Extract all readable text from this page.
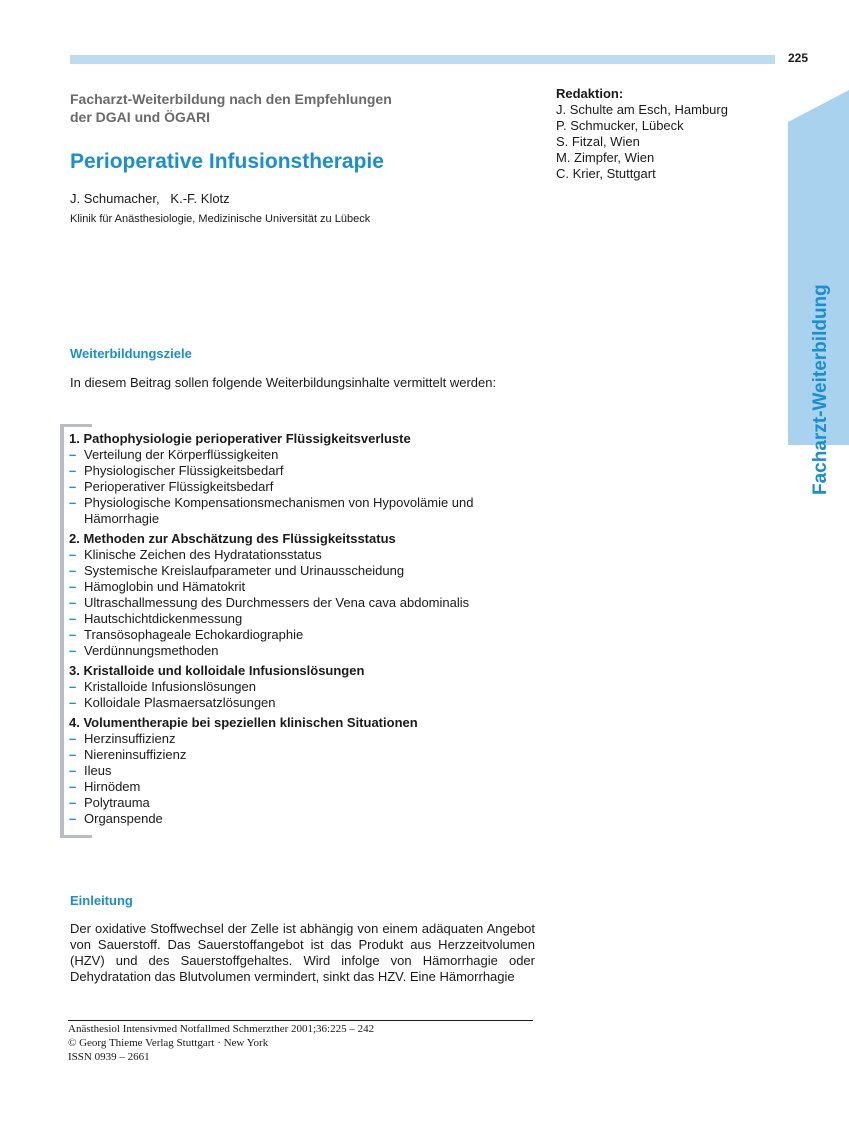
225
Facharzt-Weiterbildung nach den Empfehlungen
der DGAI und ÖGARI
Perioperative Infusionstherapie
J. Schumacher,   K.-F. Klotz
Klinik für Anästhesiologie, Medizinische Universität zu Lübeck
Redaktion:
J. Schulte am Esch, Hamburg
P. Schmucker, Lübeck
S. Fitzal, Wien
M. Zimpfer, Wien
C. Krier, Stuttgart
Facharzt-Weiterbildung
Weiterbildungsziele
In diesem Beitrag sollen folgende Weiterbildungsinhalte vermittelt werden:
1. Pathophysiologie perioperativer Flüssigkeitsverluste
– Verteilung der Körperflüssigkeiten
– Physiologischer Flüssigkeitsbedarf
– Perioperativer Flüssigkeitsbedarf
– Physiologische Kompensationsmechanismen von Hypovolämie und Hämorrhagie
2. Methoden zur Abschätzung des Flüssigkeitsstatus
– Klinische Zeichen des Hydratationsstatus
– Systemische Kreislaufparameter und Urinausscheidung
– Hämoglobin und Hämatokrit
– Ultraschallmessung des Durchmessers der Vena cava abdominalis
– Hautschichtdickenmessung
– Transösophageale Echokardiographie
– Verdünnungsmethoden
3. Kristalloide und kolloidale Infusionslösungen
– Kristalloide Infusionslösungen
– Kolloidale Plasmaersatzlösungen
4. Volumentherapie bei speziellen klinischen Situationen
– Herzinsuffizienz
– Niereninsuffizienz
– Ileus
– Hirnödem
– Polytrauma
– Organspende
Einleitung
Der oxidative Stoffwechsel der Zelle ist abhängig von einem adäquaten Angebot von Sauerstoff. Das Sauerstoffangebot ist das Produkt aus Herzzeitvolumen (HZV) und des Sauerstoffgehaltes. Wird infolge von Hämorrhagie oder Dehydratation das Blutvolumen vermindert, sinkt das HZV. Eine Hämorrhagie
Anästhesiol Intensivmed Notfallmed Schmerzther 2001;36:225 – 242
© Georg Thieme Verlag Stuttgart · New York
ISSN 0939 – 2661
